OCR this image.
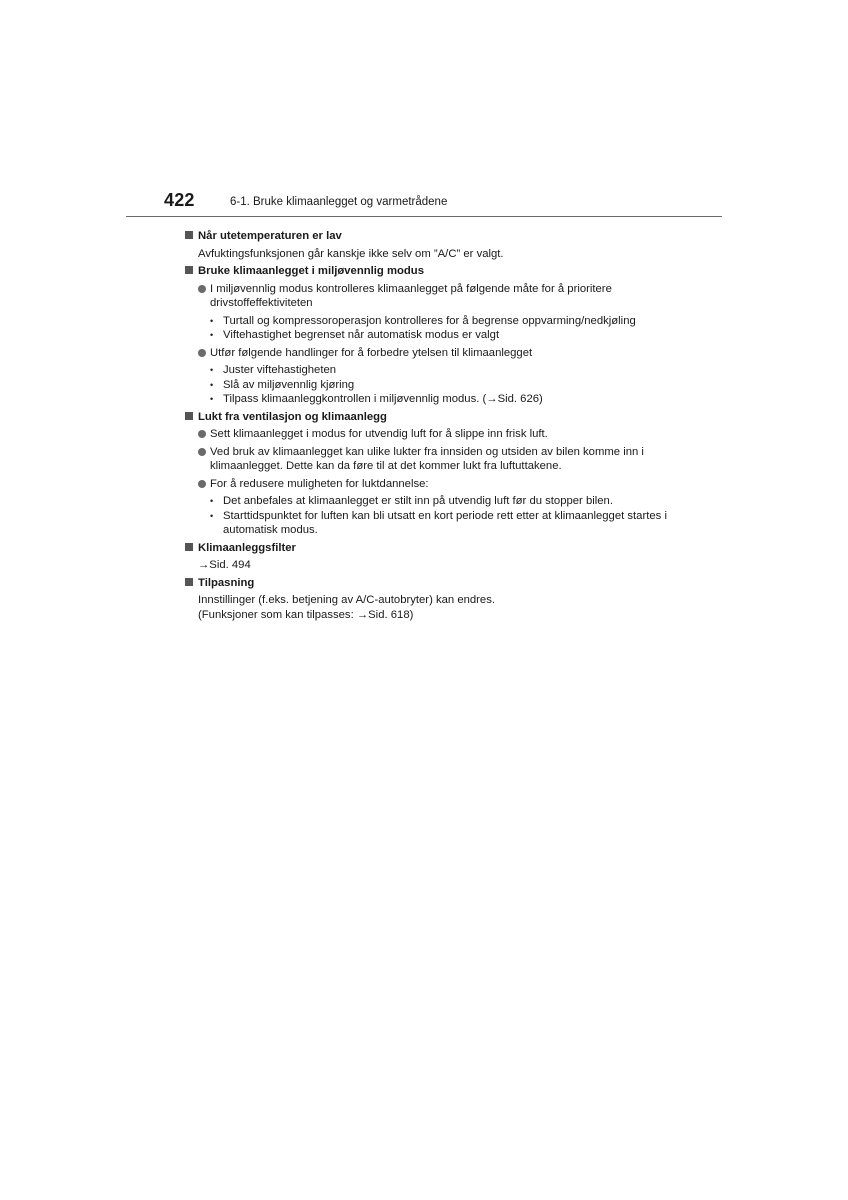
422	6-1. Bruke klimaanlegget og varmetrådene
Når utetemperaturen er lav
Avfuktingsfunksjonen går kanskje ikke selv om ”A/C” er valgt.
Bruke klimaanlegget i miljøvennlig modus
I miljøvennlig modus kontrolleres klimaanlegget på følgende måte for å prioritere drivstoffeffektiviteten
• Turtall og kompressoroperasjon kontrolleres for å begrense oppvarming/nedkjøling
• Viftehastighet begrenset når automatisk modus er valgt
Utfør følgende handlinger for å forbedre ytelsen til klimaanlegget
• Juster viftehastigheten
• Slå av miljøvennlig kjøring
• Tilpass klimaanleggkontrollen i miljøvennlig modus. (→Sid. 626)
Lukt fra ventilasjon og klimaanlegg
Sett klimaanlegget i modus for utvendig luft for å slippe inn frisk luft.
Ved bruk av klimaanlegget kan ulike lukter fra innsiden og utsiden av bilen komme inn i klimaanlegget. Dette kan da føre til at det kommer lukt fra luftuttakene.
For å redusere muligheten for luktdannelse:
• Det anbefales at klimaanlegget er stilt inn på utvendig luft før du stopper bilen.
• Starttidspunktet for luften kan bli utsatt en kort periode rett etter at klimaanlegget startes i automatisk modus.
Klimaanleggsfilter
→Sid. 494
Tilpasning
Innstillinger (f.eks. betjening av A/C-autobryter) kan endres.
(Funksjoner som kan tilpasses: →Sid. 618)
